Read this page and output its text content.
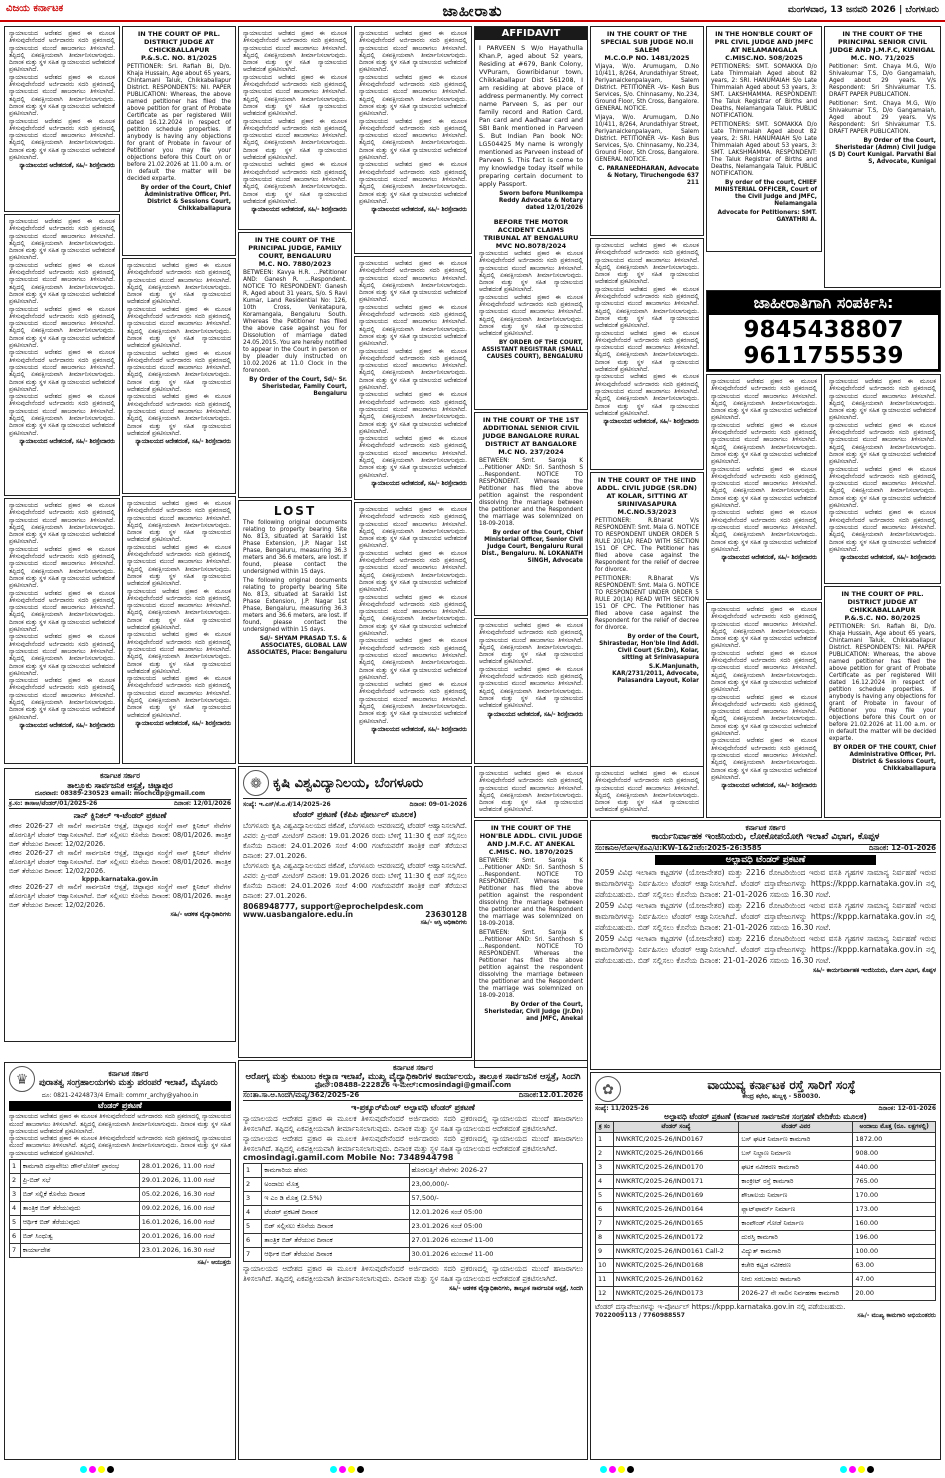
ಜಾಹೀರಾತು
ವಿಜಯ ಕರ್ನಾಟಕ	ಮಂಗಳವಾರ, 13 ಜನವರಿ 2026 | ಬೆಂಗಳೂರು
ನ್ಯಾಯಾಲಯದ ಆದೇಶದ ಪ್ರಕಾರ ಈ ಮೂಲಕ ತಿಳಿಸುವುದೇನೆಂದರೆ ಅರ್ಜಿದಾರರು ಸದರಿ ಪ್ರಕರಣದಲ್ಲಿ ನ್ಯಾಯಾಲಯದ ಮುಂದೆ ಹಾಜರಾಗಲು ತಿಳಿಸಲಾಗಿದೆ. ತಪ್ಪಿದಲ್ಲಿ ಏಕಪಕ್ಷೀಯವಾಗಿ ತೀರ್ಮಾನಿಸಲಾಗುವುದು. ದಿನಾಂಕ ಮತ್ತು ಸ್ಥಳ ಸಹಿತ ನ್ಯಾಯಾಲಯದ ಆದೇಶದಂತೆ ಪ್ರಕಟಿಸಲಾಗಿದೆ.
ನ್ಯಾಯಾಲಯದ ಆದೇಶದ ಪ್ರಕಾರ ಈ ಮೂಲಕ ತಿಳಿಸುವುದೇನೆಂದರೆ ಅರ್ಜಿದಾರರು ಸದರಿ ಪ್ರಕರಣದಲ್ಲಿ ನ್ಯಾಯಾಲಯದ ಮುಂದೆ ಹಾಜರಾಗಲು ತಿಳಿಸಲಾಗಿದೆ. ತಪ್ಪಿದಲ್ಲಿ ಏಕಪಕ್ಷೀಯವಾಗಿ ತೀರ್ಮಾನಿಸಲಾಗುವುದು. ದಿನಾಂಕ ಮತ್ತು ಸ್ಥಳ ಸಹಿತ ನ್ಯಾಯಾಲಯದ ಆದೇಶದಂತೆ ಪ್ರಕಟಿಸಲಾಗಿದೆ.
ನ್ಯಾಯಾಲಯದ ಆದೇಶದ ಪ್ರಕಾರ ಈ ಮೂಲಕ ತಿಳಿಸುವುದೇನೆಂದರೆ ಅರ್ಜಿದಾರರು ಸದರಿ ಪ್ರಕರಣದಲ್ಲಿ ನ್ಯಾಯಾಲಯದ ಮುಂದೆ ಹಾಜರಾಗಲು ತಿಳಿಸಲಾಗಿದೆ. ತಪ್ಪಿದಲ್ಲಿ ಏಕಪಕ್ಷೀಯವಾಗಿ ತೀರ್ಮಾನಿಸಲಾಗುವುದು. ದಿನಾಂಕ ಮತ್ತು ಸ್ಥಳ ಸಹಿತ ನ್ಯಾಯಾಲಯದ ಆದೇಶದಂತೆ ಪ್ರಕಟಿಸಲಾಗಿದೆ.
ನ್ಯಾಯಾಲಯದ ಆದೇಶದಂತೆ, ಸಹಿ/- ಶಿರಸ್ತೇದಾರರು
ನ್ಯಾಯಾಲಯದ ಆದೇಶದ ಪ್ರಕಾರ ಈ ಮೂಲಕ ತಿಳಿಸುವುದೇನೆಂದರೆ ಅರ್ಜಿದಾರರು ಸದರಿ ಪ್ರಕರಣದಲ್ಲಿ ನ್ಯಾಯಾಲಯದ ಮುಂದೆ ಹಾಜರಾಗಲು ತಿಳಿಸಲಾಗಿದೆ. ತಪ್ಪಿದಲ್ಲಿ ಏಕಪಕ್ಷೀಯವಾಗಿ ತೀರ್ಮಾನಿಸಲಾಗುವುದು. ದಿನಾಂಕ ಮತ್ತು ಸ್ಥಳ ಸಹಿತ ನ್ಯಾಯಾಲಯದ ಆದೇಶದಂತೆ ಪ್ರಕಟಿಸಲಾಗಿದೆ.
ನ್ಯಾಯಾಲಯದ ಆದೇಶದ ಪ್ರಕಾರ ಈ ಮೂಲಕ ತಿಳಿಸುವುದೇನೆಂದರೆ ಅರ್ಜಿದಾರರು ಸದರಿ ಪ್ರಕರಣದಲ್ಲಿ ನ್ಯಾಯಾಲಯದ ಮುಂದೆ ಹಾಜರಾಗಲು ತಿಳಿಸಲಾಗಿದೆ. ತಪ್ಪಿದಲ್ಲಿ ಏಕಪಕ್ಷೀಯವಾಗಿ ತೀರ್ಮಾನಿಸಲಾಗುವುದು. ದಿನಾಂಕ ಮತ್ತು ಸ್ಥಳ ಸಹಿತ ನ್ಯಾಯಾಲಯದ ಆದೇಶದಂತೆ ಪ್ರಕಟಿಸಲಾಗಿದೆ.
ನ್ಯಾಯಾಲಯದ ಆದೇಶದ ಪ್ರಕಾರ ಈ ಮೂಲಕ ತಿಳಿಸುವುದೇನೆಂದರೆ ಅರ್ಜಿದಾರರು ಸದರಿ ಪ್ರಕರಣದಲ್ಲಿ ನ್ಯಾಯಾಲಯದ ಮುಂದೆ ಹಾಜರಾಗಲು ತಿಳಿಸಲಾಗಿದೆ. ತಪ್ಪಿದಲ್ಲಿ ಏಕಪಕ್ಷೀಯವಾಗಿ ತೀರ್ಮಾನಿಸಲಾಗುವುದು. ದಿನಾಂಕ ಮತ್ತು ಸ್ಥಳ ಸಹಿತ ನ್ಯಾಯಾಲಯದ ಆದೇಶದಂತೆ ಪ್ರಕಟಿಸಲಾಗಿದೆ.
ನ್ಯಾಯಾಲಯದ ಆದೇಶದ ಪ್ರಕಾರ ಈ ಮೂಲಕ ತಿಳಿಸುವುದೇನೆಂದರೆ ಅರ್ಜಿದಾರರು ಸದರಿ ಪ್ರಕರಣದಲ್ಲಿ ನ್ಯಾಯಾಲಯದ ಮುಂದೆ ಹಾಜರಾಗಲು ತಿಳಿಸಲಾಗಿದೆ. ತಪ್ಪಿದಲ್ಲಿ ಏಕಪಕ್ಷೀಯವಾಗಿ ತೀರ್ಮಾನಿಸಲಾಗುವುದು. ದಿನಾಂಕ ಮತ್ತು ಸ್ಥಳ ಸಹಿತ ನ್ಯಾಯಾಲಯದ ಆದೇಶದಂತೆ ಪ್ರಕಟಿಸಲಾಗಿದೆ.
ನ್ಯಾಯಾಲಯದ ಆದೇಶದ ಪ್ರಕಾರ ಈ ಮೂಲಕ ತಿಳಿಸುವುದೇನೆಂದರೆ ಅರ್ಜಿದಾರರು ಸದರಿ ಪ್ರಕರಣದಲ್ಲಿ ನ್ಯಾಯಾಲಯದ ಮುಂದೆ ಹಾಜರಾಗಲು ತಿಳಿಸಲಾಗಿದೆ. ತಪ್ಪಿದಲ್ಲಿ ಏಕಪಕ್ಷೀಯವಾಗಿ ತೀರ್ಮಾನಿಸಲಾಗುವುದು. ದಿನಾಂಕ ಮತ್ತು ಸ್ಥಳ ಸಹಿತ ನ್ಯಾಯಾಲಯದ ಆದೇಶದಂತೆ ಪ್ರಕಟಿಸಲಾಗಿದೆ.
ನ್ಯಾಯಾಲಯದ ಆದೇಶದಂತೆ, ಸಹಿ/- ಶಿರಸ್ತೇದಾರರು
ನ್ಯಾಯಾಲಯದ ಆದೇಶದ ಪ್ರಕಾರ ಈ ಮೂಲಕ ತಿಳಿಸುವುದೇನೆಂದರೆ ಅರ್ಜಿದಾರರು ಸದರಿ ಪ್ರಕರಣದಲ್ಲಿ ನ್ಯಾಯಾಲಯದ ಮುಂದೆ ಹಾಜರಾಗಲು ತಿಳಿಸಲಾಗಿದೆ. ತಪ್ಪಿದಲ್ಲಿ ಏಕಪಕ್ಷೀಯವಾಗಿ ತೀರ್ಮಾನಿಸಲಾಗುವುದು. ದಿನಾಂಕ ಮತ್ತು ಸ್ಥಳ ಸಹಿತ ನ್ಯಾಯಾಲಯದ ಆದೇಶದಂತೆ ಪ್ರಕಟಿಸಲಾಗಿದೆ.
ನ್ಯಾಯಾಲಯದ ಆದೇಶದ ಪ್ರಕಾರ ಈ ಮೂಲಕ ತಿಳಿಸುವುದೇನೆಂದರೆ ಅರ್ಜಿದಾರರು ಸದರಿ ಪ್ರಕರಣದಲ್ಲಿ ನ್ಯಾಯಾಲಯದ ಮುಂದೆ ಹಾಜರಾಗಲು ತಿಳಿಸಲಾಗಿದೆ. ತಪ್ಪಿದಲ್ಲಿ ಏಕಪಕ್ಷೀಯವಾಗಿ ತೀರ್ಮಾನಿಸಲಾಗುವುದು. ದಿನಾಂಕ ಮತ್ತು ಸ್ಥಳ ಸಹಿತ ನ್ಯಾಯಾಲಯದ ಆದೇಶದಂತೆ ಪ್ರಕಟಿಸಲಾಗಿದೆ.
ನ್ಯಾಯಾಲಯದ ಆದೇಶದ ಪ್ರಕಾರ ಈ ಮೂಲಕ ತಿಳಿಸುವುದೇನೆಂದರೆ ಅರ್ಜಿದಾರರು ಸದರಿ ಪ್ರಕರಣದಲ್ಲಿ ನ್ಯಾಯಾಲಯದ ಮುಂದೆ ಹಾಜರಾಗಲು ತಿಳಿಸಲಾಗಿದೆ. ತಪ್ಪಿದಲ್ಲಿ ಏಕಪಕ್ಷೀಯವಾಗಿ ತೀರ್ಮಾನಿಸಲಾಗುವುದು. ದಿನಾಂಕ ಮತ್ತು ಸ್ಥಳ ಸಹಿತ ನ್ಯಾಯಾಲಯದ ಆದೇಶದಂತೆ ಪ್ರಕಟಿಸಲಾಗಿದೆ.
ನ್ಯಾಯಾಲಯದ ಆದೇಶದ ಪ್ರಕಾರ ಈ ಮೂಲಕ ತಿಳಿಸುವುದೇನೆಂದರೆ ಅರ್ಜಿದಾರರು ಸದರಿ ಪ್ರಕರಣದಲ್ಲಿ ನ್ಯಾಯಾಲಯದ ಮುಂದೆ ಹಾಜರಾಗಲು ತಿಳಿಸಲಾಗಿದೆ. ತಪ್ಪಿದಲ್ಲಿ ಏಕಪಕ್ಷೀಯವಾಗಿ ತೀರ್ಮಾನಿಸಲಾಗುವುದು. ದಿನಾಂಕ ಮತ್ತು ಸ್ಥಳ ಸಹಿತ ನ್ಯಾಯಾಲಯದ ಆದೇಶದಂತೆ ಪ್ರಕಟಿಸಲಾಗಿದೆ.
ನ್ಯಾಯಾಲಯದ ಆದೇಶದ ಪ್ರಕಾರ ಈ ಮೂಲಕ ತಿಳಿಸುವುದೇನೆಂದರೆ ಅರ್ಜಿದಾರರು ಸದರಿ ಪ್ರಕರಣದಲ್ಲಿ ನ್ಯಾಯಾಲಯದ ಮುಂದೆ ಹಾಜರಾಗಲು ತಿಳಿಸಲಾಗಿದೆ. ತಪ್ಪಿದಲ್ಲಿ ಏಕಪಕ್ಷೀಯವಾಗಿ ತೀರ್ಮಾನಿಸಲಾಗುವುದು. ದಿನಾಂಕ ಮತ್ತು ಸ್ಥಳ ಸಹಿತ ನ್ಯಾಯಾಲಯದ ಆದೇಶದಂತೆ ಪ್ರಕಟಿಸಲಾಗಿದೆ.
ನ್ಯಾಯಾಲಯದ ಆದೇಶದಂತೆ, ಸಹಿ/- ಶಿರಸ್ತೇದಾರರು
IN THE COURT OF PRL. DISTRICT JUDGE AT CHICKBALLAPUR
P.&.S.C. NO. 81/2025
PETITIONER: Sri. Rafiah Bi, D/o. Khaja Hussain, Age about 65 years, Chintamani Taluk, Chikkaballapur District. RESPONDENTS: Nil. PAPER PUBLICATION: Whereas, the above named petitioner has filed the above petition for grant of Probate Certificate as per registered Will dated 16.12.2024 in respect of petition schedule properties. If anybody is having any objections for grant of Probate in favour of Petitioner you may file your objections before this Court on or before 21.02.2026 at 11.00 a.m. or in default the matter will be decided exparte.
By order of the Court, Chief Administrative Officer, Prl. District & Sessions Court, Chikkaballapura
ನ್ಯಾಯಾಲಯದ ಆದೇಶದ ಪ್ರಕಾರ ಈ ಮೂಲಕ ತಿಳಿಸುವುದೇನೆಂದರೆ ಅರ್ಜಿದಾರರು ಸದರಿ ಪ್ರಕರಣದಲ್ಲಿ ನ್ಯಾಯಾಲಯದ ಮುಂದೆ ಹಾಜರಾಗಲು ತಿಳಿಸಲಾಗಿದೆ. ತಪ್ಪಿದಲ್ಲಿ ಏಕಪಕ್ಷೀಯವಾಗಿ ತೀರ್ಮಾನಿಸಲಾಗುವುದು. ದಿನಾಂಕ ಮತ್ತು ಸ್ಥಳ ಸಹಿತ ನ್ಯಾಯಾಲಯದ ಆದೇಶದಂತೆ ಪ್ರಕಟಿಸಲಾಗಿದೆ.
ನ್ಯಾಯಾಲಯದ ಆದೇಶದ ಪ್ರಕಾರ ಈ ಮೂಲಕ ತಿಳಿಸುವುದೇನೆಂದರೆ ಅರ್ಜಿದಾರರು ಸದರಿ ಪ್ರಕರಣದಲ್ಲಿ ನ್ಯಾಯಾಲಯದ ಮುಂದೆ ಹಾಜರಾಗಲು ತಿಳಿಸಲಾಗಿದೆ. ತಪ್ಪಿದಲ್ಲಿ ಏಕಪಕ್ಷೀಯವಾಗಿ ತೀರ್ಮಾನಿಸಲಾಗುವುದು. ದಿನಾಂಕ ಮತ್ತು ಸ್ಥಳ ಸಹಿತ ನ್ಯಾಯಾಲಯದ ಆದೇಶದಂತೆ ಪ್ರಕಟಿಸಲಾಗಿದೆ.
ನ್ಯಾಯಾಲಯದ ಆದೇಶದ ಪ್ರಕಾರ ಈ ಮೂಲಕ ತಿಳಿಸುವುದೇನೆಂದರೆ ಅರ್ಜಿದಾರರು ಸದರಿ ಪ್ರಕರಣದಲ್ಲಿ ನ್ಯಾಯಾಲಯದ ಮುಂದೆ ಹಾಜರಾಗಲು ತಿಳಿಸಲಾಗಿದೆ. ತಪ್ಪಿದಲ್ಲಿ ಏಕಪಕ್ಷೀಯವಾಗಿ ತೀರ್ಮಾನಿಸಲಾಗುವುದು. ದಿನಾಂಕ ಮತ್ತು ಸ್ಥಳ ಸಹಿತ ನ್ಯಾಯಾಲಯದ ಆದೇಶದಂತೆ ಪ್ರಕಟಿಸಲಾಗಿದೆ.
ನ್ಯಾಯಾಲಯದ ಆದೇಶದ ಪ್ರಕಾರ ಈ ಮೂಲಕ ತಿಳಿಸುವುದೇನೆಂದರೆ ಅರ್ಜಿದಾರರು ಸದರಿ ಪ್ರಕರಣದಲ್ಲಿ ನ್ಯಾಯಾಲಯದ ಮುಂದೆ ಹಾಜರಾಗಲು ತಿಳಿಸಲಾಗಿದೆ. ತಪ್ಪಿದಲ್ಲಿ ಏಕಪಕ್ಷೀಯವಾಗಿ ತೀರ್ಮಾನಿಸಲಾಗುವುದು. ದಿನಾಂಕ ಮತ್ತು ಸ್ಥಳ ಸಹಿತ ನ್ಯಾಯಾಲಯದ ಆದೇಶದಂತೆ ಪ್ರಕಟಿಸಲಾಗಿದೆ.
ನ್ಯಾಯಾಲಯದ ಆದೇಶದಂತೆ, ಸಹಿ/- ಶಿರಸ್ತೇದಾರರು
ನ್ಯಾಯಾಲಯದ ಆದೇಶದ ಪ್ರಕಾರ ಈ ಮೂಲಕ ತಿಳಿಸುವುದೇನೆಂದರೆ ಅರ್ಜಿದಾರರು ಸದರಿ ಪ್ರಕರಣದಲ್ಲಿ ನ್ಯಾಯಾಲಯದ ಮುಂದೆ ಹಾಜರಾಗಲು ತಿಳಿಸಲಾಗಿದೆ. ತಪ್ಪಿದಲ್ಲಿ ಏಕಪಕ್ಷೀಯವಾಗಿ ತೀರ್ಮಾನಿಸಲಾಗುವುದು. ದಿನಾಂಕ ಮತ್ತು ಸ್ಥಳ ಸಹಿತ ನ್ಯಾಯಾಲಯದ ಆದೇಶದಂತೆ ಪ್ರಕಟಿಸಲಾಗಿದೆ.
ನ್ಯಾಯಾಲಯದ ಆದೇಶದ ಪ್ರಕಾರ ಈ ಮೂಲಕ ತಿಳಿಸುವುದೇನೆಂದರೆ ಅರ್ಜಿದಾರರು ಸದರಿ ಪ್ರಕರಣದಲ್ಲಿ ನ್ಯಾಯಾಲಯದ ಮುಂದೆ ಹಾಜರಾಗಲು ತಿಳಿಸಲಾಗಿದೆ. ತಪ್ಪಿದಲ್ಲಿ ಏಕಪಕ್ಷೀಯವಾಗಿ ತೀರ್ಮಾನಿಸಲಾಗುವುದು. ದಿನಾಂಕ ಮತ್ತು ಸ್ಥಳ ಸಹಿತ ನ್ಯಾಯಾಲಯದ ಆದೇಶದಂತೆ ಪ್ರಕಟಿಸಲಾಗಿದೆ.
ನ್ಯಾಯಾಲಯದ ಆದೇಶದ ಪ್ರಕಾರ ಈ ಮೂಲಕ ತಿಳಿಸುವುದೇನೆಂದರೆ ಅರ್ಜಿದಾರರು ಸದರಿ ಪ್ರಕರಣದಲ್ಲಿ ನ್ಯಾಯಾಲಯದ ಮುಂದೆ ಹಾಜರಾಗಲು ತಿಳಿಸಲಾಗಿದೆ. ತಪ್ಪಿದಲ್ಲಿ ಏಕಪಕ್ಷೀಯವಾಗಿ ತೀರ್ಮಾನಿಸಲಾಗುವುದು. ದಿನಾಂಕ ಮತ್ತು ಸ್ಥಳ ಸಹಿತ ನ್ಯಾಯಾಲಯದ ಆದೇಶದಂತೆ ಪ್ರಕಟಿಸಲಾಗಿದೆ.
ನ್ಯಾಯಾಲಯದ ಆದೇಶದ ಪ್ರಕಾರ ಈ ಮೂಲಕ ತಿಳಿಸುವುದೇನೆಂದರೆ ಅರ್ಜಿದಾರರು ಸದರಿ ಪ್ರಕರಣದಲ್ಲಿ ನ್ಯಾಯಾಲಯದ ಮುಂದೆ ಹಾಜರಾಗಲು ತಿಳಿಸಲಾಗಿದೆ. ತಪ್ಪಿದಲ್ಲಿ ಏಕಪಕ್ಷೀಯವಾಗಿ ತೀರ್ಮಾನಿಸಲಾಗುವುದು. ದಿನಾಂಕ ಮತ್ತು ಸ್ಥಳ ಸಹಿತ ನ್ಯಾಯಾಲಯದ ಆದೇಶದಂತೆ ಪ್ರಕಟಿಸಲಾಗಿದೆ.
ನ್ಯಾಯಾಲಯದ ಆದೇಶದ ಪ್ರಕಾರ ಈ ಮೂಲಕ ತಿಳಿಸುವುದೇನೆಂದರೆ ಅರ್ಜಿದಾರರು ಸದರಿ ಪ್ರಕರಣದಲ್ಲಿ ನ್ಯಾಯಾಲಯದ ಮುಂದೆ ಹಾಜರಾಗಲು ತಿಳಿಸಲಾಗಿದೆ. ತಪ್ಪಿದಲ್ಲಿ ಏಕಪಕ್ಷೀಯವಾಗಿ ತೀರ್ಮಾನಿಸಲಾಗುವುದು. ದಿನಾಂಕ ಮತ್ತು ಸ್ಥಳ ಸಹಿತ ನ್ಯಾಯಾಲಯದ ಆದೇಶದಂತೆ ಪ್ರಕಟಿಸಲಾಗಿದೆ.
ನ್ಯಾಯಾಲಯದ ಆದೇಶದಂತೆ, ಸಹಿ/- ಶಿರಸ್ತೇದಾರರು
ನ್ಯಾಯಾಲಯದ ಆದೇಶದ ಪ್ರಕಾರ ಈ ಮೂಲಕ ತಿಳಿಸುವುದೇನೆಂದರೆ ಅರ್ಜಿದಾರರು ಸದರಿ ಪ್ರಕರಣದಲ್ಲಿ ನ್ಯಾಯಾಲಯದ ಮುಂದೆ ಹಾಜರಾಗಲು ತಿಳಿಸಲಾಗಿದೆ. ತಪ್ಪಿದಲ್ಲಿ ಏಕಪಕ್ಷೀಯವಾಗಿ ತೀರ್ಮಾನಿಸಲಾಗುವುದು. ದಿನಾಂಕ ಮತ್ತು ಸ್ಥಳ ಸಹಿತ ನ್ಯಾಯಾಲಯದ ಆದೇಶದಂತೆ ಪ್ರಕಟಿಸಲಾಗಿದೆ.
ನ್ಯಾಯಾಲಯದ ಆದೇಶದ ಪ್ರಕಾರ ಈ ಮೂಲಕ ತಿಳಿಸುವುದೇನೆಂದರೆ ಅರ್ಜಿದಾರರು ಸದರಿ ಪ್ರಕರಣದಲ್ಲಿ ನ್ಯಾಯಾಲಯದ ಮುಂದೆ ಹಾಜರಾಗಲು ತಿಳಿಸಲಾಗಿದೆ. ತಪ್ಪಿದಲ್ಲಿ ಏಕಪಕ್ಷೀಯವಾಗಿ ತೀರ್ಮಾನಿಸಲಾಗುವುದು. ದಿನಾಂಕ ಮತ್ತು ಸ್ಥಳ ಸಹಿತ ನ್ಯಾಯಾಲಯದ ಆದೇಶದಂತೆ ಪ್ರಕಟಿಸಲಾಗಿದೆ.
ನ್ಯಾಯಾಲಯದ ಆದೇಶದ ಪ್ರಕಾರ ಈ ಮೂಲಕ ತಿಳಿಸುವುದೇನೆಂದರೆ ಅರ್ಜಿದಾರರು ಸದರಿ ಪ್ರಕರಣದಲ್ಲಿ ನ್ಯಾಯಾಲಯದ ಮುಂದೆ ಹಾಜರಾಗಲು ತಿಳಿಸಲಾಗಿದೆ. ತಪ್ಪಿದಲ್ಲಿ ಏಕಪಕ್ಷೀಯವಾಗಿ ತೀರ್ಮಾನಿಸಲಾಗುವುದು. ದಿನಾಂಕ ಮತ್ತು ಸ್ಥಳ ಸಹಿತ ನ್ಯಾಯಾಲಯದ ಆದೇಶದಂತೆ ಪ್ರಕಟಿಸಲಾಗಿದೆ.
ನ್ಯಾಯಾಲಯದ ಆದೇಶದ ಪ್ರಕಾರ ಈ ಮೂಲಕ ತಿಳಿಸುವುದೇನೆಂದರೆ ಅರ್ಜಿದಾರರು ಸದರಿ ಪ್ರಕರಣದಲ್ಲಿ ನ್ಯಾಯಾಲಯದ ಮುಂದೆ ಹಾಜರಾಗಲು ತಿಳಿಸಲಾಗಿದೆ. ತಪ್ಪಿದಲ್ಲಿ ಏಕಪಕ್ಷೀಯವಾಗಿ ತೀರ್ಮಾನಿಸಲಾಗುವುದು. ದಿನಾಂಕ ಮತ್ತು ಸ್ಥಳ ಸಹಿತ ನ್ಯಾಯಾಲಯದ ಆದೇಶದಂತೆ ಪ್ರಕಟಿಸಲಾಗಿದೆ.
ನ್ಯಾಯಾಲಯದ ಆದೇಶದಂತೆ, ಸಹಿ/- ಶಿರಸ್ತೇದಾರರು
IN THE COURT OF THE PRINCIPAL JUDGE, FAMILY COURT, BENGALURU
M.C. NO. 7880/2023
BETWEEN: Kavya H.R. ...Petitioner AND: Ganesh R. ...Respondent. NOTICE TO RESPONDENT: Ganesh R, Aged about 31 years, S/o. S Ravi Kumar, Land Residential No: 126, 10th Cross, Venkatapura, Koramangala, Bengaluru South. Whereas the Petitioner has filed the above case against you for Dissolution of marriage dated 24.05.2015. You are hereby notified to appear in the Court in person or by pleader duly instructed on 10.02.2026 at 11.0 Clock in the forenoon.
By Order of the Court, Sd/- Sr. Sheristedar, Family Court, Bengaluru
LOST
The following original documents relating to property bearing Site No. 813, situated at Sarakki 1st Phase Extension, J.P. Nagar 1st Phase, Bengaluru, measuring 36.3 meters and 36.6 meters, are lost. If found, please contact the undersigned within 15 days.
The following original documents relating to property bearing Site No. 813, situated at Sarakki 1st Phase Extension, J.P. Nagar 1st Phase, Bengaluru, measuring 36.3 meters and 36.6 meters, are lost. If found, please contact the undersigned within 15 days.
Sd/- SHYAM PRASAD T.S. & ASSOCIATES, GLOBAL LAW ASSOCIATES, Place: Bengaluru
ನ್ಯಾಯಾಲಯದ ಆದೇಶದ ಪ್ರಕಾರ ಈ ಮೂಲಕ ತಿಳಿಸುವುದೇನೆಂದರೆ ಅರ್ಜಿದಾರರು ಸದರಿ ಪ್ರಕರಣದಲ್ಲಿ ನ್ಯಾಯಾಲಯದ ಮುಂದೆ ಹಾಜರಾಗಲು ತಿಳಿಸಲಾಗಿದೆ. ತಪ್ಪಿದಲ್ಲಿ ಏಕಪಕ್ಷೀಯವಾಗಿ ತೀರ್ಮಾನಿಸಲಾಗುವುದು. ದಿನಾಂಕ ಮತ್ತು ಸ್ಥಳ ಸಹಿತ ನ್ಯಾಯಾಲಯದ ಆದೇಶದಂತೆ ಪ್ರಕಟಿಸಲಾಗಿದೆ.
ನ್ಯಾಯಾಲಯದ ಆದೇಶದ ಪ್ರಕಾರ ಈ ಮೂಲಕ ತಿಳಿಸುವುದೇನೆಂದರೆ ಅರ್ಜಿದಾರರು ಸದರಿ ಪ್ರಕರಣದಲ್ಲಿ ನ್ಯಾಯಾಲಯದ ಮುಂದೆ ಹಾಜರಾಗಲು ತಿಳಿಸಲಾಗಿದೆ. ತಪ್ಪಿದಲ್ಲಿ ಏಕಪಕ್ಷೀಯವಾಗಿ ತೀರ್ಮಾನಿಸಲಾಗುವುದು. ದಿನಾಂಕ ಮತ್ತು ಸ್ಥಳ ಸಹಿತ ನ್ಯಾಯಾಲಯದ ಆದೇಶದಂತೆ ಪ್ರಕಟಿಸಲಾಗಿದೆ.
ನ್ಯಾಯಾಲಯದ ಆದೇಶದ ಪ್ರಕಾರ ಈ ಮೂಲಕ ತಿಳಿಸುವುದೇನೆಂದರೆ ಅರ್ಜಿದಾರರು ಸದರಿ ಪ್ರಕರಣದಲ್ಲಿ ನ್ಯಾಯಾಲಯದ ಮುಂದೆ ಹಾಜರಾಗಲು ತಿಳಿಸಲಾಗಿದೆ. ತಪ್ಪಿದಲ್ಲಿ ಏಕಪಕ್ಷೀಯವಾಗಿ ತೀರ್ಮಾನಿಸಲಾಗುವುದು. ದಿನಾಂಕ ಮತ್ತು ಸ್ಥಳ ಸಹಿತ ನ್ಯಾಯಾಲಯದ ಆದೇಶದಂತೆ ಪ್ರಕಟಿಸಲಾಗಿದೆ.
ನ್ಯಾಯಾಲಯದ ಆದೇಶದ ಪ್ರಕಾರ ಈ ಮೂಲಕ ತಿಳಿಸುವುದೇನೆಂದರೆ ಅರ್ಜಿದಾರರು ಸದರಿ ಪ್ರಕರಣದಲ್ಲಿ ನ್ಯಾಯಾಲಯದ ಮುಂದೆ ಹಾಜರಾಗಲು ತಿಳಿಸಲಾಗಿದೆ. ತಪ್ಪಿದಲ್ಲಿ ಏಕಪಕ್ಷೀಯವಾಗಿ ತೀರ್ಮಾನಿಸಲಾಗುವುದು. ದಿನಾಂಕ ಮತ್ತು ಸ್ಥಳ ಸಹಿತ ನ್ಯಾಯಾಲಯದ ಆದೇಶದಂತೆ ಪ್ರಕಟಿಸಲಾಗಿದೆ.
ನ್ಯಾಯಾಲಯದ ಆದೇಶದಂತೆ, ಸಹಿ/- ಶಿರಸ್ತೇದಾರರು
ನ್ಯಾಯಾಲಯದ ಆದೇಶದ ಪ್ರಕಾರ ಈ ಮೂಲಕ ತಿಳಿಸುವುದೇನೆಂದರೆ ಅರ್ಜಿದಾರರು ಸದರಿ ಪ್ರಕರಣದಲ್ಲಿ ನ್ಯಾಯಾಲಯದ ಮುಂದೆ ಹಾಜರಾಗಲು ತಿಳಿಸಲಾಗಿದೆ. ತಪ್ಪಿದಲ್ಲಿ ಏಕಪಕ್ಷೀಯವಾಗಿ ತೀರ್ಮಾನಿಸಲಾಗುವುದು. ದಿನಾಂಕ ಮತ್ತು ಸ್ಥಳ ಸಹಿತ ನ್ಯಾಯಾಲಯದ ಆದೇಶದಂತೆ ಪ್ರಕಟಿಸಲಾಗಿದೆ.
ನ್ಯಾಯಾಲಯದ ಆದೇಶದ ಪ್ರಕಾರ ಈ ಮೂಲಕ ತಿಳಿಸುವುದೇನೆಂದರೆ ಅರ್ಜಿದಾರರು ಸದರಿ ಪ್ರಕರಣದಲ್ಲಿ ನ್ಯಾಯಾಲಯದ ಮುಂದೆ ಹಾಜರಾಗಲು ತಿಳಿಸಲಾಗಿದೆ. ತಪ್ಪಿದಲ್ಲಿ ಏಕಪಕ್ಷೀಯವಾಗಿ ತೀರ್ಮಾನಿಸಲಾಗುವುದು. ದಿನಾಂಕ ಮತ್ತು ಸ್ಥಳ ಸಹಿತ ನ್ಯಾಯಾಲಯದ ಆದೇಶದಂತೆ ಪ್ರಕಟಿಸಲಾಗಿದೆ.
ನ್ಯಾಯಾಲಯದ ಆದೇಶದ ಪ್ರಕಾರ ಈ ಮೂಲಕ ತಿಳಿಸುವುದೇನೆಂದರೆ ಅರ್ಜಿದಾರರು ಸದರಿ ಪ್ರಕರಣದಲ್ಲಿ ನ್ಯಾಯಾಲಯದ ಮುಂದೆ ಹಾಜರಾಗಲು ತಿಳಿಸಲಾಗಿದೆ. ತಪ್ಪಿದಲ್ಲಿ ಏಕಪಕ್ಷೀಯವಾಗಿ ತೀರ್ಮಾನಿಸಲಾಗುವುದು. ದಿನಾಂಕ ಮತ್ತು ಸ್ಥಳ ಸಹಿತ ನ್ಯಾಯಾಲಯದ ಆದೇಶದಂತೆ ಪ್ರಕಟಿಸಲಾಗಿದೆ.
ನ್ಯಾಯಾಲಯದ ಆದೇಶದ ಪ್ರಕಾರ ಈ ಮೂಲಕ ತಿಳಿಸುವುದೇನೆಂದರೆ ಅರ್ಜಿದಾರರು ಸದರಿ ಪ್ರಕರಣದಲ್ಲಿ ನ್ಯಾಯಾಲಯದ ಮುಂದೆ ಹಾಜರಾಗಲು ತಿಳಿಸಲಾಗಿದೆ. ತಪ್ಪಿದಲ್ಲಿ ಏಕಪಕ್ಷೀಯವಾಗಿ ತೀರ್ಮಾನಿಸಲಾಗುವುದು. ದಿನಾಂಕ ಮತ್ತು ಸ್ಥಳ ಸಹಿತ ನ್ಯಾಯಾಲಯದ ಆದೇಶದಂತೆ ಪ್ರಕಟಿಸಲಾಗಿದೆ.
ನ್ಯಾಯಾಲಯದ ಆದೇಶದ ಪ್ರಕಾರ ಈ ಮೂಲಕ ತಿಳಿಸುವುದೇನೆಂದರೆ ಅರ್ಜಿದಾರರು ಸದರಿ ಪ್ರಕರಣದಲ್ಲಿ ನ್ಯಾಯಾಲಯದ ಮುಂದೆ ಹಾಜರಾಗಲು ತಿಳಿಸಲಾಗಿದೆ. ತಪ್ಪಿದಲ್ಲಿ ಏಕಪಕ್ಷೀಯವಾಗಿ ತೀರ್ಮಾನಿಸಲಾಗುವುದು. ದಿನಾಂಕ ಮತ್ತು ಸ್ಥಳ ಸಹಿತ ನ್ಯಾಯಾಲಯದ ಆದೇಶದಂತೆ ಪ್ರಕಟಿಸಲಾಗಿದೆ.
ನ್ಯಾಯಾಲಯದ ಆದೇಶದಂತೆ, ಸಹಿ/- ಶಿರಸ್ತೇದಾರರು
ನ್ಯಾಯಾಲಯದ ಆದೇಶದ ಪ್ರಕಾರ ಈ ಮೂಲಕ ತಿಳಿಸುವುದೇನೆಂದರೆ ಅರ್ಜಿದಾರರು ಸದರಿ ಪ್ರಕರಣದಲ್ಲಿ ನ್ಯಾಯಾಲಯದ ಮುಂದೆ ಹಾಜರಾಗಲು ತಿಳಿಸಲಾಗಿದೆ. ತಪ್ಪಿದಲ್ಲಿ ಏಕಪಕ್ಷೀಯವಾಗಿ ತೀರ್ಮಾನಿಸಲಾಗುವುದು. ದಿನಾಂಕ ಮತ್ತು ಸ್ಥಳ ಸಹಿತ ನ್ಯಾಯಾಲಯದ ಆದೇಶದಂತೆ ಪ್ರಕಟಿಸಲಾಗಿದೆ.
ನ್ಯಾಯಾಲಯದ ಆದೇಶದ ಪ್ರಕಾರ ಈ ಮೂಲಕ ತಿಳಿಸುವುದೇನೆಂದರೆ ಅರ್ಜಿದಾರರು ಸದರಿ ಪ್ರಕರಣದಲ್ಲಿ ನ್ಯಾಯಾಲಯದ ಮುಂದೆ ಹಾಜರಾಗಲು ತಿಳಿಸಲಾಗಿದೆ. ತಪ್ಪಿದಲ್ಲಿ ಏಕಪಕ್ಷೀಯವಾಗಿ ತೀರ್ಮಾನಿಸಲಾಗುವುದು. ದಿನಾಂಕ ಮತ್ತು ಸ್ಥಳ ಸಹಿತ ನ್ಯಾಯಾಲಯದ ಆದೇಶದಂತೆ ಪ್ರಕಟಿಸಲಾಗಿದೆ.
ನ್ಯಾಯಾಲಯದ ಆದೇಶದ ಪ್ರಕಾರ ಈ ಮೂಲಕ ತಿಳಿಸುವುದೇನೆಂದರೆ ಅರ್ಜಿದಾರರು ಸದರಿ ಪ್ರಕರಣದಲ್ಲಿ ನ್ಯಾಯಾಲಯದ ಮುಂದೆ ಹಾಜರಾಗಲು ತಿಳಿಸಲಾಗಿದೆ. ತಪ್ಪಿದಲ್ಲಿ ಏಕಪಕ್ಷೀಯವಾಗಿ ತೀರ್ಮಾನಿಸಲಾಗುವುದು. ದಿನಾಂಕ ಮತ್ತು ಸ್ಥಳ ಸಹಿತ ನ್ಯಾಯಾಲಯದ ಆದೇಶದಂತೆ ಪ್ರಕಟಿಸಲಾಗಿದೆ.
ನ್ಯಾಯಾಲಯದ ಆದೇಶದ ಪ್ರಕಾರ ಈ ಮೂಲಕ ತಿಳಿಸುವುದೇನೆಂದರೆ ಅರ್ಜಿದಾರರು ಸದರಿ ಪ್ರಕರಣದಲ್ಲಿ ನ್ಯಾಯಾಲಯದ ಮುಂದೆ ಹಾಜರಾಗಲು ತಿಳಿಸಲಾಗಿದೆ. ತಪ್ಪಿದಲ್ಲಿ ಏಕಪಕ್ಷೀಯವಾಗಿ ತೀರ್ಮಾನಿಸಲಾಗುವುದು. ದಿನಾಂಕ ಮತ್ತು ಸ್ಥಳ ಸಹಿತ ನ್ಯಾಯಾಲಯದ ಆದೇಶದಂತೆ ಪ್ರಕಟಿಸಲಾಗಿದೆ.
ನ್ಯಾಯಾಲಯದ ಆದೇಶದ ಪ್ರಕಾರ ಈ ಮೂಲಕ ತಿಳಿಸುವುದೇನೆಂದರೆ ಅರ್ಜಿದಾರರು ಸದರಿ ಪ್ರಕರಣದಲ್ಲಿ ನ್ಯಾಯಾಲಯದ ಮುಂದೆ ಹಾಜರಾಗಲು ತಿಳಿಸಲಾಗಿದೆ. ತಪ್ಪಿದಲ್ಲಿ ಏಕಪಕ್ಷೀಯವಾಗಿ ತೀರ್ಮಾನಿಸಲಾಗುವುದು. ದಿನಾಂಕ ಮತ್ತು ಸ್ಥಳ ಸಹಿತ ನ್ಯಾಯಾಲಯದ ಆದೇಶದಂತೆ ಪ್ರಕಟಿಸಲಾಗಿದೆ.
ನ್ಯಾಯಾಲಯದ ಆದೇಶದಂತೆ, ಸಹಿ/- ಶಿರಸ್ತೇದಾರರು
AFFIDAVIT
I PARVEEN S W/o Hayathulla Khan.P, aged about 52 years, Residing at #679, Bank Colony, VVPuram, Gowribidanur town, Chikkaballapur Dist 561208, I am residing at above place of address permanently. My correct name Parveen S, as per our family record and Ration Card, Pan card and Aadhaar card and SBI Bank mentioned in Parveen S. But Indian Pan book NO: LG504425 My name is wrongly mentioned as Parveen instead of Parveen S. This fact is come to my knowledge today itself while preparing certain document to apply Passport.
Sworn before Munikempa Reddy Advocate & Notary dated 12/01/2026
BEFORE THE MOTOR ACCIDENT CLAIMS TRIBUNAL AT BENGALURU
MVC NO.8078/2024
ನ್ಯಾಯಾಲಯದ ಆದೇಶದ ಪ್ರಕಾರ ಈ ಮೂಲಕ ತಿಳಿಸುವುದೇನೆಂದರೆ ಅರ್ಜಿದಾರರು ಸದರಿ ಪ್ರಕರಣದಲ್ಲಿ ನ್ಯಾಯಾಲಯದ ಮುಂದೆ ಹಾಜರಾಗಲು ತಿಳಿಸಲಾಗಿದೆ. ತಪ್ಪಿದಲ್ಲಿ ಏಕಪಕ್ಷೀಯವಾಗಿ ತೀರ್ಮಾನಿಸಲಾಗುವುದು. ದಿನಾಂಕ ಮತ್ತು ಸ್ಥಳ ಸಹಿತ ನ್ಯಾಯಾಲಯದ ಆದೇಶದಂತೆ ಪ್ರಕಟಿಸಲಾಗಿದೆ.
ನ್ಯಾಯಾಲಯದ ಆದೇಶದ ಪ್ರಕಾರ ಈ ಮೂಲಕ ತಿಳಿಸುವುದೇನೆಂದರೆ ಅರ್ಜಿದಾರರು ಸದರಿ ಪ್ರಕರಣದಲ್ಲಿ ನ್ಯಾಯಾಲಯದ ಮುಂದೆ ಹಾಜರಾಗಲು ತಿಳಿಸಲಾಗಿದೆ. ತಪ್ಪಿದಲ್ಲಿ ಏಕಪಕ್ಷೀಯವಾಗಿ ತೀರ್ಮಾನಿಸಲಾಗುವುದು. ದಿನಾಂಕ ಮತ್ತು ಸ್ಥಳ ಸಹಿತ ನ್ಯಾಯಾಲಯದ ಆದೇಶದಂತೆ ಪ್ರಕಟಿಸಲಾಗಿದೆ.
BY ORDER OF THE COURT, ASSISTANT REGISTRAR (SMALL CAUSES COURT), BENGALURU
IN THE COURT OF THE 1ST ADDITIONAL SENIOR CIVIL JUDGE BANGALORE RURAL DISTRICT AT BANGALORE
M.C NO. 237/2024
BETWEEN: Smt. Saroja K ...Petitioner AND: Sri. Santhosh S ...Respondent. NOTICE TO RESPONDENT. Whereas the Petitioner has filed the above petition against the respondent dissolving the marriage between the petitioner and the Respondent the marriage was solemnized on 18-09-2018.
By order of the Court, Chief Ministerial Officer, Senior Civil Judge Court, Bengaluru Rural Dist., Bengaluru. N. LOKANATH SINGH, Advocate
ನ್ಯಾಯಾಲಯದ ಆದೇಶದ ಪ್ರಕಾರ ಈ ಮೂಲಕ ತಿಳಿಸುವುದೇನೆಂದರೆ ಅರ್ಜಿದಾರರು ಸದರಿ ಪ್ರಕರಣದಲ್ಲಿ ನ್ಯಾಯಾಲಯದ ಮುಂದೆ ಹಾಜರಾಗಲು ತಿಳಿಸಲಾಗಿದೆ. ತಪ್ಪಿದಲ್ಲಿ ಏಕಪಕ್ಷೀಯವಾಗಿ ತೀರ್ಮಾನಿಸಲಾಗುವುದು. ದಿನಾಂಕ ಮತ್ತು ಸ್ಥಳ ಸಹಿತ ನ್ಯಾಯಾಲಯದ ಆದೇಶದಂತೆ ಪ್ರಕಟಿಸಲಾಗಿದೆ.
ನ್ಯಾಯಾಲಯದ ಆದೇಶದ ಪ್ರಕಾರ ಈ ಮೂಲಕ ತಿಳಿಸುವುದೇನೆಂದರೆ ಅರ್ಜಿದಾರರು ಸದರಿ ಪ್ರಕರಣದಲ್ಲಿ ನ್ಯಾಯಾಲಯದ ಮುಂದೆ ಹಾಜರಾಗಲು ತಿಳಿಸಲಾಗಿದೆ. ತಪ್ಪಿದಲ್ಲಿ ಏಕಪಕ್ಷೀಯವಾಗಿ ತೀರ್ಮಾನಿಸಲಾಗುವುದು. ದಿನಾಂಕ ಮತ್ತು ಸ್ಥಳ ಸಹಿತ ನ್ಯಾಯಾಲಯದ ಆದೇಶದಂತೆ ಪ್ರಕಟಿಸಲಾಗಿದೆ.
ನ್ಯಾಯಾಲಯದ ಆದೇಶದಂತೆ, ಸಹಿ/- ಶಿರಸ್ತೇದಾರರು
IN THE COURT OF THE SPECIAL SUB JUDGE NO.II SALEM
M.C.O.P NO. 1481/2025
Vijaya, W/o. Arumugam, D.No 10/411, 8/264, Arundathiyar Street, Periyanaickenpalayam, Salem District. PETITIONER -Vs- Kesh Bus Services, S/o. Chinnasamy, No.234, Ground Floor, 5th Cross, Bangalore. GENERAL NOTICE.
Vijaya, W/o. Arumugam, D.No 10/411, 8/264, Arundathiyar Street, Periyanaickenpalayam, Salem District. PETITIONER -Vs- Kesh Bus Services, S/o. Chinnasamy, No.234, Ground Floor, 5th Cross, Bangalore. GENERAL NOTICE.
C. PARANEEDHARAN, Advocate & Notary, Tiruchengode 637 211
ನ್ಯಾಯಾಲಯದ ಆದೇಶದ ಪ್ರಕಾರ ಈ ಮೂಲಕ ತಿಳಿಸುವುದೇನೆಂದರೆ ಅರ್ಜಿದಾರರು ಸದರಿ ಪ್ರಕರಣದಲ್ಲಿ ನ್ಯಾಯಾಲಯದ ಮುಂದೆ ಹಾಜರಾಗಲು ತಿಳಿಸಲಾಗಿದೆ. ತಪ್ಪಿದಲ್ಲಿ ಏಕಪಕ್ಷೀಯವಾಗಿ ತೀರ್ಮಾನಿಸಲಾಗುವುದು. ದಿನಾಂಕ ಮತ್ತು ಸ್ಥಳ ಸಹಿತ ನ್ಯಾಯಾಲಯದ ಆದೇಶದಂತೆ ಪ್ರಕಟಿಸಲಾಗಿದೆ.
ನ್ಯಾಯಾಲಯದ ಆದೇಶದ ಪ್ರಕಾರ ಈ ಮೂಲಕ ತಿಳಿಸುವುದೇನೆಂದರೆ ಅರ್ಜಿದಾರರು ಸದರಿ ಪ್ರಕರಣದಲ್ಲಿ ನ್ಯಾಯಾಲಯದ ಮುಂದೆ ಹಾಜರಾಗಲು ತಿಳಿಸಲಾಗಿದೆ. ತಪ್ಪಿದಲ್ಲಿ ಏಕಪಕ್ಷೀಯವಾಗಿ ತೀರ್ಮಾನಿಸಲಾಗುವುದು. ದಿನಾಂಕ ಮತ್ತು ಸ್ಥಳ ಸಹಿತ ನ್ಯಾಯಾಲಯದ ಆದೇಶದಂತೆ ಪ್ರಕಟಿಸಲಾಗಿದೆ.
ನ್ಯಾಯಾಲಯದ ಆದೇಶದ ಪ್ರಕಾರ ಈ ಮೂಲಕ ತಿಳಿಸುವುದೇನೆಂದರೆ ಅರ್ಜಿದಾರರು ಸದರಿ ಪ್ರಕರಣದಲ್ಲಿ ನ್ಯಾಯಾಲಯದ ಮುಂದೆ ಹಾಜರಾಗಲು ತಿಳಿಸಲಾಗಿದೆ. ತಪ್ಪಿದಲ್ಲಿ ಏಕಪಕ್ಷೀಯವಾಗಿ ತೀರ್ಮಾನಿಸಲಾಗುವುದು. ದಿನಾಂಕ ಮತ್ತು ಸ್ಥಳ ಸಹಿತ ನ್ಯಾಯಾಲಯದ ಆದೇಶದಂತೆ ಪ್ರಕಟಿಸಲಾಗಿದೆ.
ನ್ಯಾಯಾಲಯದ ಆದೇಶದ ಪ್ರಕಾರ ಈ ಮೂಲಕ ತಿಳಿಸುವುದೇನೆಂದರೆ ಅರ್ಜಿದಾರರು ಸದರಿ ಪ್ರಕರಣದಲ್ಲಿ ನ್ಯಾಯಾಲಯದ ಮುಂದೆ ಹಾಜರಾಗಲು ತಿಳಿಸಲಾಗಿದೆ. ತಪ್ಪಿದಲ್ಲಿ ಏಕಪಕ್ಷೀಯವಾಗಿ ತೀರ್ಮಾನಿಸಲಾಗುವುದು. ದಿನಾಂಕ ಮತ್ತು ಸ್ಥಳ ಸಹಿತ ನ್ಯಾಯಾಲಯದ ಆದೇಶದಂತೆ ಪ್ರಕಟಿಸಲಾಗಿದೆ.
ನ್ಯಾಯಾಲಯದ ಆದೇಶದಂತೆ, ಸಹಿ/- ಶಿರಸ್ತೇದಾರರು
IN THE COURT OF THE IIND ADDL. CIVIL JUDGE (SR.DN) AT KOLAR, SITTING AT SRINIVASAPURA
M.C.NO.53/2023
PETITIONER: R.Bharat V/s RESPONDENT: Smt. Mala G. NOTICE TO RESPONDENT UNDER ORDER 5 RULE 20(1A) READ WITH SECTION 151 OF CPC. The Petitioner has filed above case against the Respondent for the relief of decree for divorce.
PETITIONER: R.Bharat V/s RESPONDENT: Smt. Mala G. NOTICE TO RESPONDENT UNDER ORDER 5 RULE 20(1A) READ WITH SECTION 151 OF CPC. The Petitioner has filed above case against the Respondent for the relief of decree for divorce.
By order of the Court, Shirastedar, Hon'ble IInd Addl. Civil Court (Sr.Dn), Kolar, sitting at Srinivasapura
S.K.Manjunath, KAR/2731/2011, Advocate, Palasandra Layout, Kolar
IN THE HON'BLE COURT OF PRL CIVIL JUDGE AND JMFC AT NELAMANGALA
C.MISC.NO. 508/2025
PETITIONERS: SMT. SOMAKKA D/o Late Thimmaiah Aged about 82 years, 2: SRI. HANUMAIAH S/o Late Thimmaiah Aged about 53 years, 3: SMT. LAKSHMAMMA. RESPONDENT: The Taluk Registrar of Births and Deaths, Nelamangala Taluk. PUBLIC NOTIFICATION.
PETITIONERS: SMT. SOMAKKA D/o Late Thimmaiah Aged about 82 years, 2: SRI. HANUMAIAH S/o Late Thimmaiah Aged about 53 years, 3: SMT. LAKSHMAMMA. RESPONDENT: The Taluk Registrar of Births and Deaths, Nelamangala Taluk. PUBLIC NOTIFICATION.
By order of the court, CHIEF MINISTERIAL OFFICER, Court of the Civil Judge and JMFC, Nelamangala
Advocate for Petitioners: SMT. GAYATHRI A.
IN THE COURT OF THE PRINCIPAL SENIOR CIVIL JUDGE AND J.M.F.C, KUNIGAL
M.C. NO. 71/2025
Petitioner: Smt. Chaya M.G, W/o Shivakumar T.S, D/o Gangamaiah, Aged about 29 years. V/s Respondent: Sri Shivakumar T.S. DRAFT PAPER PUBLICATION.
Petitioner: Smt. Chaya M.G, W/o Shivakumar T.S, D/o Gangamaiah, Aged about 29 years. V/s Respondent: Sri Shivakumar T.S. DRAFT PAPER PUBLICATION.
By Order of the Court, Sheristedar (Admn) Civil Judge (S D) Court Kunigal. Parvathi Bai S, Advocate, Kunigal
ಜಾಹೀರಾತಿಗಾಗಿ ಸಂಪರ್ಕಿಸಿ:
9845438807
9611755539
ನ್ಯಾಯಾಲಯದ ಆದೇಶದ ಪ್ರಕಾರ ಈ ಮೂಲಕ ತಿಳಿಸುವುದೇನೆಂದರೆ ಅರ್ಜಿದಾರರು ಸದರಿ ಪ್ರಕರಣದಲ್ಲಿ ನ್ಯಾಯಾಲಯದ ಮುಂದೆ ಹಾಜರಾಗಲು ತಿಳಿಸಲಾಗಿದೆ. ತಪ್ಪಿದಲ್ಲಿ ಏಕಪಕ್ಷೀಯವಾಗಿ ತೀರ್ಮಾನಿಸಲಾಗುವುದು. ದಿನಾಂಕ ಮತ್ತು ಸ್ಥಳ ಸಹಿತ ನ್ಯಾಯಾಲಯದ ಆದೇಶದಂತೆ ಪ್ರಕಟಿಸಲಾಗಿದೆ.
ನ್ಯಾಯಾಲಯದ ಆದೇಶದ ಪ್ರಕಾರ ಈ ಮೂಲಕ ತಿಳಿಸುವುದೇನೆಂದರೆ ಅರ್ಜಿದಾರರು ಸದರಿ ಪ್ರಕರಣದಲ್ಲಿ ನ್ಯಾಯಾಲಯದ ಮುಂದೆ ಹಾಜರಾಗಲು ತಿಳಿಸಲಾಗಿದೆ. ತಪ್ಪಿದಲ್ಲಿ ಏಕಪಕ್ಷೀಯವಾಗಿ ತೀರ್ಮಾನಿಸಲಾಗುವುದು. ದಿನಾಂಕ ಮತ್ತು ಸ್ಥಳ ಸಹಿತ ನ್ಯಾಯಾಲಯದ ಆದೇಶದಂತೆ ಪ್ರಕಟಿಸಲಾಗಿದೆ.
ನ್ಯಾಯಾಲಯದ ಆದೇಶದ ಪ್ರಕಾರ ಈ ಮೂಲಕ ತಿಳಿಸುವುದೇನೆಂದರೆ ಅರ್ಜಿದಾರರು ಸದರಿ ಪ್ರಕರಣದಲ್ಲಿ ನ್ಯಾಯಾಲಯದ ಮುಂದೆ ಹಾಜರಾಗಲು ತಿಳಿಸಲಾಗಿದೆ. ತಪ್ಪಿದಲ್ಲಿ ಏಕಪಕ್ಷೀಯವಾಗಿ ತೀರ್ಮಾನಿಸಲಾಗುವುದು. ದಿನಾಂಕ ಮತ್ತು ಸ್ಥಳ ಸಹಿತ ನ್ಯಾಯಾಲಯದ ಆದೇಶದಂತೆ ಪ್ರಕಟಿಸಲಾಗಿದೆ.
ನ್ಯಾಯಾಲಯದ ಆದೇಶದ ಪ್ರಕಾರ ಈ ಮೂಲಕ ತಿಳಿಸುವುದೇನೆಂದರೆ ಅರ್ಜಿದಾರರು ಸದರಿ ಪ್ರಕರಣದಲ್ಲಿ ನ್ಯಾಯಾಲಯದ ಮುಂದೆ ಹಾಜರಾಗಲು ತಿಳಿಸಲಾಗಿದೆ. ತಪ್ಪಿದಲ್ಲಿ ಏಕಪಕ್ಷೀಯವಾಗಿ ತೀರ್ಮಾನಿಸಲಾಗುವುದು. ದಿನಾಂಕ ಮತ್ತು ಸ್ಥಳ ಸಹಿತ ನ್ಯಾಯಾಲಯದ ಆದೇಶದಂತೆ ಪ್ರಕಟಿಸಲಾಗಿದೆ.
ನ್ಯಾಯಾಲಯದ ಆದೇಶದಂತೆ, ಸಹಿ/- ಶಿರಸ್ತೇದಾರರು
ನ್ಯಾಯಾಲಯದ ಆದೇಶದ ಪ್ರಕಾರ ಈ ಮೂಲಕ ತಿಳಿಸುವುದೇನೆಂದರೆ ಅರ್ಜಿದಾರರು ಸದರಿ ಪ್ರಕರಣದಲ್ಲಿ ನ್ಯಾಯಾಲಯದ ಮುಂದೆ ಹಾಜರಾಗಲು ತಿಳಿಸಲಾಗಿದೆ. ತಪ್ಪಿದಲ್ಲಿ ಏಕಪಕ್ಷೀಯವಾಗಿ ತೀರ್ಮಾನಿಸಲಾಗುವುದು. ದಿನಾಂಕ ಮತ್ತು ಸ್ಥಳ ಸಹಿತ ನ್ಯಾಯಾಲಯದ ಆದೇಶದಂತೆ ಪ್ರಕಟಿಸಲಾಗಿದೆ.
ನ್ಯಾಯಾಲಯದ ಆದೇಶದ ಪ್ರಕಾರ ಈ ಮೂಲಕ ತಿಳಿಸುವುದೇನೆಂದರೆ ಅರ್ಜಿದಾರರು ಸದರಿ ಪ್ರಕರಣದಲ್ಲಿ ನ್ಯಾಯಾಲಯದ ಮುಂದೆ ಹಾಜರಾಗಲು ತಿಳಿಸಲಾಗಿದೆ. ತಪ್ಪಿದಲ್ಲಿ ಏಕಪಕ್ಷೀಯವಾಗಿ ತೀರ್ಮಾನಿಸಲಾಗುವುದು. ದಿನಾಂಕ ಮತ್ತು ಸ್ಥಳ ಸಹಿತ ನ್ಯಾಯಾಲಯದ ಆದೇಶದಂತೆ ಪ್ರಕಟಿಸಲಾಗಿದೆ.
ನ್ಯಾಯಾಲಯದ ಆದೇಶದ ಪ್ರಕಾರ ಈ ಮೂಲಕ ತಿಳಿಸುವುದೇನೆಂದರೆ ಅರ್ಜಿದಾರರು ಸದರಿ ಪ್ರಕರಣದಲ್ಲಿ ನ್ಯಾಯಾಲಯದ ಮುಂದೆ ಹಾಜರಾಗಲು ತಿಳಿಸಲಾಗಿದೆ. ತಪ್ಪಿದಲ್ಲಿ ಏಕಪಕ್ಷೀಯವಾಗಿ ತೀರ್ಮಾನಿಸಲಾಗುವುದು. ದಿನಾಂಕ ಮತ್ತು ಸ್ಥಳ ಸಹಿತ ನ್ಯಾಯಾಲಯದ ಆದೇಶದಂತೆ ಪ್ರಕಟಿಸಲಾಗಿದೆ.
ನ್ಯಾಯಾಲಯದ ಆದೇಶದ ಪ್ರಕಾರ ಈ ಮೂಲಕ ತಿಳಿಸುವುದೇನೆಂದರೆ ಅರ್ಜಿದಾರರು ಸದರಿ ಪ್ರಕರಣದಲ್ಲಿ ನ್ಯಾಯಾಲಯದ ಮುಂದೆ ಹಾಜರಾಗಲು ತಿಳಿಸಲಾಗಿದೆ. ತಪ್ಪಿದಲ್ಲಿ ಏಕಪಕ್ಷೀಯವಾಗಿ ತೀರ್ಮಾನಿಸಲಾಗುವುದು. ದಿನಾಂಕ ಮತ್ತು ಸ್ಥಳ ಸಹಿತ ನ್ಯಾಯಾಲಯದ ಆದೇಶದಂತೆ ಪ್ರಕಟಿಸಲಾಗಿದೆ.
ನ್ಯಾಯಾಲಯದ ಆದೇಶದಂತೆ, ಸಹಿ/- ಶಿರಸ್ತೇದಾರರು
ನ್ಯಾಯಾಲಯದ ಆದೇಶದ ಪ್ರಕಾರ ಈ ಮೂಲಕ ತಿಳಿಸುವುದೇನೆಂದರೆ ಅರ್ಜಿದಾರರು ಸದರಿ ಪ್ರಕರಣದಲ್ಲಿ ನ್ಯಾಯಾಲಯದ ಮುಂದೆ ಹಾಜರಾಗಲು ತಿಳಿಸಲಾಗಿದೆ. ತಪ್ಪಿದಲ್ಲಿ ಏಕಪಕ್ಷೀಯವಾಗಿ ತೀರ್ಮಾನಿಸಲಾಗುವುದು. ದಿನಾಂಕ ಮತ್ತು ಸ್ಥಳ ಸಹಿತ ನ್ಯಾಯಾಲಯದ ಆದೇಶದಂತೆ ಪ್ರಕಟಿಸಲಾಗಿದೆ.
ನ್ಯಾಯಾಲಯದ ಆದೇಶದ ಪ್ರಕಾರ ಈ ಮೂಲಕ ತಿಳಿಸುವುದೇನೆಂದರೆ ಅರ್ಜಿದಾರರು ಸದರಿ ಪ್ರಕರಣದಲ್ಲಿ ನ್ಯಾಯಾಲಯದ ಮುಂದೆ ಹಾಜರಾಗಲು ತಿಳಿಸಲಾಗಿದೆ. ತಪ್ಪಿದಲ್ಲಿ ಏಕಪಕ್ಷೀಯವಾಗಿ ತೀರ್ಮಾನಿಸಲಾಗುವುದು. ದಿನಾಂಕ ಮತ್ತು ಸ್ಥಳ ಸಹಿತ ನ್ಯಾಯಾಲಯದ ಆದೇಶದಂತೆ ಪ್ರಕಟಿಸಲಾಗಿದೆ.
ನ್ಯಾಯಾಲಯದ ಆದೇಶದ ಪ್ರಕಾರ ಈ ಮೂಲಕ ತಿಳಿಸುವುದೇನೆಂದರೆ ಅರ್ಜಿದಾರರು ಸದರಿ ಪ್ರಕರಣದಲ್ಲಿ ನ್ಯಾಯಾಲಯದ ಮುಂದೆ ಹಾಜರಾಗಲು ತಿಳಿಸಲಾಗಿದೆ. ತಪ್ಪಿದಲ್ಲಿ ಏಕಪಕ್ಷೀಯವಾಗಿ ತೀರ್ಮಾನಿಸಲಾಗುವುದು. ದಿನಾಂಕ ಮತ್ತು ಸ್ಥಳ ಸಹಿತ ನ್ಯಾಯಾಲಯದ ಆದೇಶದಂತೆ ಪ್ರಕಟಿಸಲಾಗಿದೆ.
ನ್ಯಾಯಾಲಯದ ಆದೇಶದ ಪ್ರಕಾರ ಈ ಮೂಲಕ ತಿಳಿಸುವುದೇನೆಂದರೆ ಅರ್ಜಿದಾರರು ಸದರಿ ಪ್ರಕರಣದಲ್ಲಿ ನ್ಯಾಯಾಲಯದ ಮುಂದೆ ಹಾಜರಾಗಲು ತಿಳಿಸಲಾಗಿದೆ. ತಪ್ಪಿದಲ್ಲಿ ಏಕಪಕ್ಷೀಯವಾಗಿ ತೀರ್ಮಾನಿಸಲಾಗುವುದು. ದಿನಾಂಕ ಮತ್ತು ಸ್ಥಳ ಸಹಿತ ನ್ಯಾಯಾಲಯದ ಆದೇಶದಂತೆ ಪ್ರಕಟಿಸಲಾಗಿದೆ.
ನ್ಯಾಯಾಲಯದ ಆದೇಶದಂತೆ, ಸಹಿ/- ಶಿರಸ್ತೇದಾರರು
IN THE COURT OF PRL. DISTRICT JUDGE AT CHIKKABALLAPUR
P.&.S.C. NO. 80/2025
PETITIONER: Sri. Rafiah Bi, D/o. Khaja Hussain, Age about 65 years, Chintamani Taluk, Chikkaballapur District. RESPONDENTS: Nil. PAPER PUBLICATION: Whereas, the above named petitioner has filed the above petition for grant of Probate Certificate as per registered Will dated 16.12.2024 in respect of petition schedule properties. If anybody is having any objections for grant of Probate in favour of Petitioner you may file your objections before this Court on or before 21.02.2026 at 11.00 a.m. or in default the matter will be decided exparte.
BY ORDER OF THE COURT, Chief Administrative Officer, Prl. District & Sessions Court, Chikkaballapura
ಕರ್ನಾಟಕ ಸರ್ಕಾರ
ತಾಲ್ಲೂಕು ಸಾರ್ವಜನಿಕ ಆಸ್ಪತ್ರೆ, ಚಿಟ್ಟಾಪುರ
ದೂರವಾಣಿ: 08389-230523 email: mochcdp@gmail.com
ಕ್ರ.ಸಂ: ತಾಸಾಆ/ಟೆಂಡರ್/01/2025-26	ದಿನಾಂಕ: 12/01/2026
ನಾನ್ ಕ್ಲಿನಿಕಲ್ ಇ-ಟೆಂಡರ್ ಪ್ರಕಟಣೆ
ನೌಕರ 2026-27 ನೇ ಸಾಲಿಗೆ ಸಾರ್ವಜನಿಕ ಆಸ್ಪತ್ರೆ, ಚಿಟ್ಟಾಪುರ ಸಂಸ್ಥೆಗೆ ನಾನ್ ಕ್ಲಿನಿಕಲ್ ಸೇವೆಗಳ ಹೊರಗುತ್ತಿಗೆ ಟೆಂಡರ್ ಆಹ್ವಾನಿಸಲಾಗಿದೆ. ಬಿಡ್ ಸಲ್ಲಿಸಲು ಕೊನೆಯ ದಿನಾಂಕ: 08/01/2026. ತಾಂತ್ರಿಕ ಬಿಡ್ ತೆರೆಯುವ ದಿನಾಂಕ: 12/02/2026.
ನೌಕರ 2026-27 ನೇ ಸಾಲಿಗೆ ಸಾರ್ವಜನಿಕ ಆಸ್ಪತ್ರೆ, ಚಿಟ್ಟಾಪುರ ಸಂಸ್ಥೆಗೆ ನಾನ್ ಕ್ಲಿನಿಕಲ್ ಸೇವೆಗಳ ಹೊರಗುತ್ತಿಗೆ ಟೆಂಡರ್ ಆಹ್ವಾನಿಸಲಾಗಿದೆ. ಬಿಡ್ ಸಲ್ಲಿಸಲು ಕೊನೆಯ ದಿನಾಂಕ: 08/01/2026. ತಾಂತ್ರಿಕ ಬಿಡ್ ತೆರೆಯುವ ದಿನಾಂಕ: 12/02/2026.
kppp.karnataka.gov.in
ನೌಕರ 2026-27 ನೇ ಸಾಲಿಗೆ ಸಾರ್ವಜನಿಕ ಆಸ್ಪತ್ರೆ, ಚಿಟ್ಟಾಪುರ ಸಂಸ್ಥೆಗೆ ನಾನ್ ಕ್ಲಿನಿಕಲ್ ಸೇವೆಗಳ ಹೊರಗುತ್ತಿಗೆ ಟೆಂಡರ್ ಆಹ್ವಾನಿಸಲಾಗಿದೆ. ಬಿಡ್ ಸಲ್ಲಿಸಲು ಕೊನೆಯ ದಿನಾಂಕ: 08/01/2026. ತಾಂತ್ರಿಕ ಬಿಡ್ ತೆರೆಯುವ ದಿನಾಂಕ: 12/02/2026.
ಸಹಿ/- ಆಡಳಿತ ವೈದ್ಯಾಧಿಕಾರಿಗಳು
❁ ಕೃಷಿ ವಿಶ್ವವಿದ್ಯಾನಿಲಯ, ಬೆಂಗಳೂರು
ಸಂಖ್ಯೆ: ಇ.ಎಸ್/ಕೆ.ಎ.ಕೆ/14/2025-26	ದಿನಾಂಕ: 09-01-2026
ಟೆಂಡರ್ ಪ್ರಕಟಣೆ (ಕೆಪಿಪಿ ಪೋರ್ಟಲ್ ಮೂಲಕ)
ಬೆಂಗಳೂರು ಕೃಷಿ ವಿಶ್ವವಿದ್ಯಾನಿಲಯದ ಜಿಕೆವಿಕೆ, ಬೆಂಗಳೂರು ಆವರಣದಲ್ಲಿ ಟೆಂಡರ್ ಆಹ್ವಾನಿಸಲಾಗಿದೆ. ವಿವರ: ಪ್ರಿ-ಬಿಡ್ ಮೀಟಿಂಗ್ ದಿನಾಂಕ: 19.01.2026 ರಂದು ಬೆಳಿಗ್ಗೆ 11:30 ಕ್ಕೆ ಬಿಡ್ ಸಲ್ಲಿಸಲು ಕೊನೆಯ ದಿನಾಂಕ: 24.01.2026 ಸಂಜೆ 4:00 ಗಂಟೆಯವರೆಗೆ ತಾಂತ್ರಿಕ ಬಿಡ್ ತೆರೆಯುವ ದಿನಾಂಕ: 27.01.2026.
ಬೆಂಗಳೂರು ಕೃಷಿ ವಿಶ್ವವಿದ್ಯಾನಿಲಯದ ಜಿಕೆವಿಕೆ, ಬೆಂಗಳೂರು ಆವರಣದಲ್ಲಿ ಟೆಂಡರ್ ಆಹ್ವಾನಿಸಲಾಗಿದೆ. ವಿವರ: ಪ್ರಿ-ಬಿಡ್ ಮೀಟಿಂಗ್ ದಿನಾಂಕ: 19.01.2026 ರಂದು ಬೆಳಿಗ್ಗೆ 11:30 ಕ್ಕೆ ಬಿಡ್ ಸಲ್ಲಿಸಲು ಕೊನೆಯ ದಿನಾಂಕ: 24.01.2026 ಸಂಜೆ 4:00 ಗಂಟೆಯವರೆಗೆ ತಾಂತ್ರಿಕ ಬಿಡ್ ತೆರೆಯುವ ದಿನಾಂಕ: 27.01.2026.
8068948777, support@eprochelpdesk.com
www.uasbangalore.edu.in	23630128
ಸಹಿ/- ಆಸ್ತಿ ಅಧಿಕಾರಿಗಳು
IN THE COURT OF THE HON'BLE ADDL. CIVIL JUDGE AND J.M.F.C. AT ANEKAL
C.MISC. NO. 1870/2025
BETWEEN: Smt. Saroja K ...Petitioner AND: Sri. Santhosh S ...Respondent. NOTICE TO RESPONDENT. Whereas the Petitioner has filed the above petition against the respondent dissolving the marriage between the petitioner and the Respondent the marriage was solemnized on 18-09-2018.
BETWEEN: Smt. Saroja K ...Petitioner AND: Sri. Santhosh S ...Respondent. NOTICE TO RESPONDENT. Whereas the Petitioner has filed the above petition against the respondent dissolving the marriage between the petitioner and the Respondent the marriage was solemnized on 18-09-2018.
By Order of the Court, Sheristedar, Civil Judge (Jr.Dn) and JMFC, Anekal
ನ್ಯಾಯಾಲಯದ ಆದೇಶದ ಪ್ರಕಾರ ಈ ಮೂಲಕ ತಿಳಿಸುವುದೇನೆಂದರೆ ಅರ್ಜಿದಾರರು ಸದರಿ ಪ್ರಕರಣದಲ್ಲಿ ನ್ಯಾಯಾಲಯದ ಮುಂದೆ ಹಾಜರಾಗಲು ತಿಳಿಸಲಾಗಿದೆ. ತಪ್ಪಿದಲ್ಲಿ ಏಕಪಕ್ಷೀಯವಾಗಿ ತೀರ್ಮಾನಿಸಲಾಗುವುದು. ದಿನಾಂಕ ಮತ್ತು ಸ್ಥಳ ಸಹಿತ ನ್ಯಾಯಾಲಯದ ಆದೇಶದಂತೆ ಪ್ರಕಟಿಸಲಾಗಿದೆ.
ನ್ಯಾಯಾಲಯದ ಆದೇಶದ ಪ್ರಕಾರ ಈ ಮೂಲಕ ತಿಳಿಸುವುದೇನೆಂದರೆ ಅರ್ಜಿದಾರರು ಸದರಿ ಪ್ರಕರಣದಲ್ಲಿ ನ್ಯಾಯಾಲಯದ ಮುಂದೆ ಹಾಜರಾಗಲು ತಿಳಿಸಲಾಗಿದೆ. ತಪ್ಪಿದಲ್ಲಿ ಏಕಪಕ್ಷೀಯವಾಗಿ ತೀರ್ಮಾನಿಸಲಾಗುವುದು. ದಿನಾಂಕ ಮತ್ತು ಸ್ಥಳ ಸಹಿತ ನ್ಯಾಯಾಲಯದ ಆದೇಶದಂತೆ ಪ್ರಕಟಿಸಲಾಗಿದೆ.
ಕರ್ನಾಟಕ ಸರ್ಕಾರ
ಕಾರ್ಯನಿರ್ವಾಹಕ ಇಂಜಿನಿಯರು, ಲೋಕೋಪಯೋಗಿ ಇಲಾಖೆ ವಿಭಾಗ, ಕೊಪ್ಪಳ
ಸಂ:ಕಾನಿಅ/ಲೋಇ/ಕೊವಿ/ಟಿ:KW-1&2:ಟೆಂ:2025-26:3585	ದಿನಾಂಕ: 12-01-2026
ಅಲ್ಪಾವಧಿ ಟೆಂಡರ್ ಪ್ರಕಟಣೆ
2059 ವಿವಿಧ ಇಲಾಖಾ ಕಟ್ಟಡಗಳ (ಯೋಜನೇತರ) ಮತ್ತು 2216 ರೋಟರಿಯಿಂದ ಇರುವ ವಸತಿ ಗೃಹಗಳ ಸಾಮಾನ್ಯ ನಿರ್ವಹಣೆ ಇರುವ ಕಾಮಗಾರಿಗಳನ್ನು ನಿರ್ವಹಿಸಲು ಟೆಂಡರ್ ಆಹ್ವಾನಿಸಲಾಗಿದೆ. ಟೆಂಡರ್ ದಸ್ತಾವೇಜುಗಳನ್ನು https://kppp.karnataka.gov.in ನಲ್ಲಿ ಪಡೆಯಬಹುದು. ಬಿಡ್ ಸಲ್ಲಿಸಲು ಕೊನೆಯ ದಿನಾಂಕ: 21-01-2026 ಸಮಯ 16.30 ಗಂಟೆ.
2059 ವಿವಿಧ ಇಲಾಖಾ ಕಟ್ಟಡಗಳ (ಯೋಜನೇತರ) ಮತ್ತು 2216 ರೋಟರಿಯಿಂದ ಇರುವ ವಸತಿ ಗೃಹಗಳ ಸಾಮಾನ್ಯ ನಿರ್ವಹಣೆ ಇರುವ ಕಾಮಗಾರಿಗಳನ್ನು ನಿರ್ವಹಿಸಲು ಟೆಂಡರ್ ಆಹ್ವಾನಿಸಲಾಗಿದೆ. ಟೆಂಡರ್ ದಸ್ತಾವೇಜುಗಳನ್ನು https://kppp.karnataka.gov.in ನಲ್ಲಿ ಪಡೆಯಬಹುದು. ಬಿಡ್ ಸಲ್ಲಿಸಲು ಕೊನೆಯ ದಿನಾಂಕ: 21-01-2026 ಸಮಯ 16.30 ಗಂಟೆ.
2059 ವಿವಿಧ ಇಲಾಖಾ ಕಟ್ಟಡಗಳ (ಯೋಜನೇತರ) ಮತ್ತು 2216 ರೋಟರಿಯಿಂದ ಇರುವ ವಸತಿ ಗೃಹಗಳ ಸಾಮಾನ್ಯ ನಿರ್ವಹಣೆ ಇರುವ ಕಾಮಗಾರಿಗಳನ್ನು ನಿರ್ವಹಿಸಲು ಟೆಂಡರ್ ಆಹ್ವಾನಿಸಲಾಗಿದೆ. ಟೆಂಡರ್ ದಸ್ತಾವೇಜುಗಳನ್ನು https://kppp.karnataka.gov.in ನಲ್ಲಿ ಪಡೆಯಬಹುದು. ಬಿಡ್ ಸಲ್ಲಿಸಲು ಕೊನೆಯ ದಿನಾಂಕ: 21-01-2026 ಸಮಯ 16.30 ಗಂಟೆ.
ಸಹಿ/- ಕಾರ್ಯನಿರ್ವಾಹಕ ಇಂಜಿನಿಯರು, ಲೋಇ ವಿಭಾಗ, ಕೊಪ್ಪಳ
♛	ಕರ್ನಾಟಕ ಸರ್ಕಾರ
ಪುರಾತತ್ವ ಸಂಗ್ರಹಾಲಯಗಳು ಮತ್ತು ಪರಂಪರೆ ಇಲಾಖೆ, ಮೈಸೂರು
ದೂ: 0821-2424873/4 Email: commr_archy@yahoo.in
ಟೆಂಡರ್ ಪ್ರಕಟಣೆ
ನ್ಯಾಯಾಲಯದ ಆದೇಶದ ಪ್ರಕಾರ ಈ ಮೂಲಕ ತಿಳಿಸುವುದೇನೆಂದರೆ ಅರ್ಜಿದಾರರು ಸದರಿ ಪ್ರಕರಣದಲ್ಲಿ ನ್ಯಾಯಾಲಯದ ಮುಂದೆ ಹಾಜರಾಗಲು ತಿಳಿಸಲಾಗಿದೆ. ತಪ್ಪಿದಲ್ಲಿ ಏಕಪಕ್ಷೀಯವಾಗಿ ತೀರ್ಮಾನಿಸಲಾಗುವುದು. ದಿನಾಂಕ ಮತ್ತು ಸ್ಥಳ ಸಹಿತ ನ್ಯಾಯಾಲಯದ ಆದೇಶದಂತೆ ಪ್ರಕಟಿಸಲಾಗಿದೆ.
ನ್ಯಾಯಾಲಯದ ಆದೇಶದ ಪ್ರಕಾರ ಈ ಮೂಲಕ ತಿಳಿಸುವುದೇನೆಂದರೆ ಅರ್ಜಿದಾರರು ಸದರಿ ಪ್ರಕರಣದಲ್ಲಿ ನ್ಯಾಯಾಲಯದ ಮುಂದೆ ಹಾಜರಾಗಲು ತಿಳಿಸಲಾಗಿದೆ. ತಪ್ಪಿದಲ್ಲಿ ಏಕಪಕ್ಷೀಯವಾಗಿ ತೀರ್ಮಾನಿಸಲಾಗುವುದು. ದಿನಾಂಕ ಮತ್ತು ಸ್ಥಳ ಸಹಿತ ನ್ಯಾಯಾಲಯದ ಆದೇಶದಂತೆ ಪ್ರಕಟಿಸಲಾಗಿದೆ.
1	ಕಾಮಗಾರಿ ದಸ್ತಾವೇಜು ಡೌನ್‌ಲೋಡ್ ಪ್ರಾರಂಭ	28.01.2026, 11.00 ಗಂಟೆ
2	ಪ್ರಿ-ಬಿಡ್ ಸಭೆ	29.01.2026, 11.00 ಗಂಟೆ
3	ಬಿಡ್ ಸಲ್ಲಿಕೆ ಕೊನೆಯ ದಿನಾಂಕ	05.02.2026, 16.30 ಗಂಟೆ
4	ತಾಂತ್ರಿಕ ಬಿಡ್ ತೆರೆಯುವುದು	09.02.2026, 16.00 ಗಂಟೆ
5	ಆರ್ಥಿಕ ಬಿಡ್ ತೆರೆಯುವುದು	16.01.2026, 16.00 ಗಂಟೆ
6	ಬಿಡ್ ಸಿಂಧುತ್ವ	20.01.2026, 16.00 ಗಂಟೆ
7	ಕಾರ್ಯಾದೇಶ	23.01.2026, 16.30 ಗಂಟೆ
ಸಹಿ/- ಆಯುಕ್ತರು
ಕರ್ನಾಟಕ ಸರ್ಕಾರ
ಆರೋಗ್ಯ ಮತ್ತು ಕುಟುಂಬ ಕಲ್ಯಾಣ ಇಲಾಖೆ, ಮುಖ್ಯ ವೈದ್ಯಾಧಿಕಾರಿಗಳ ಕಾರ್ಯಾಲಯ, ತಾಲ್ಲೂಕ ಸಾರ್ವಜನಿಕ ಆಸ್ಪತ್ರೆ, ಸಿಂದಗಿ
ಫೋನ್:08488-222826 ಇ-ಮೇಲ್:cmosindagi@gmail.com
ಸಂ:ತಾ.ಸಾ.ಆ.ಸಿಂದಗಿ/ಮವ್ಯ/362/2025-26	ದಿನಾಂಕ:12.01.2026
ಇ-ಪ್ರಕ್ಯೂರ್‌ಮೆಂಟ್ ಅಲ್ಪಾವಧಿ ಟೆಂಡರ್ ಪ್ರಕಟಣೆ
ನ್ಯಾಯಾಲಯದ ಆದೇಶದ ಪ್ರಕಾರ ಈ ಮೂಲಕ ತಿಳಿಸುವುದೇನೆಂದರೆ ಅರ್ಜಿದಾರರು ಸದರಿ ಪ್ರಕರಣದಲ್ಲಿ ನ್ಯಾಯಾಲಯದ ಮುಂದೆ ಹಾಜರಾಗಲು ತಿಳಿಸಲಾಗಿದೆ. ತಪ್ಪಿದಲ್ಲಿ ಏಕಪಕ್ಷೀಯವಾಗಿ ತೀರ್ಮಾನಿಸಲಾಗುವುದು. ದಿನಾಂಕ ಮತ್ತು ಸ್ಥಳ ಸಹಿತ ನ್ಯಾಯಾಲಯದ ಆದೇಶದಂತೆ ಪ್ರಕಟಿಸಲಾಗಿದೆ.
ನ್ಯಾಯಾಲಯದ ಆದೇಶದ ಪ್ರಕಾರ ಈ ಮೂಲಕ ತಿಳಿಸುವುದೇನೆಂದರೆ ಅರ್ಜಿದಾರರು ಸದರಿ ಪ್ರಕರಣದಲ್ಲಿ ನ್ಯಾಯಾಲಯದ ಮುಂದೆ ಹಾಜರಾಗಲು ತಿಳಿಸಲಾಗಿದೆ. ತಪ್ಪಿದಲ್ಲಿ ಏಕಪಕ್ಷೀಯವಾಗಿ ತೀರ್ಮಾನಿಸಲಾಗುವುದು. ದಿನಾಂಕ ಮತ್ತು ಸ್ಥಳ ಸಹಿತ ನ್ಯಾಯಾಲಯದ ಆದೇಶದಂತೆ ಪ್ರಕಟಿಸಲಾಗಿದೆ.
cmosindagi.gamil.com Mobile No: 7348944798
1	ಕಾಮಗಾರಿಯ ಹೆಸರು	ಹೊರಗುತ್ತಿಗೆ ಸೇವೆಗಳು 2026-27
2	ಅಂದಾಜು ಮೊತ್ತ	23,00,000/-
3	ಇ ಎಂ ಡಿ ಮೊತ್ತ (2.5%)	57,500/-
4	ಟೆಂಡರ್ ಪ್ರಕಟಣೆ ದಿನಾಂಕ	12.01.2026 ಸಂಜೆ 05:00
5	ಬಿಡ್ ಸಲ್ಲಿಸಲು ಕೊನೆಯ ದಿನಾಂಕ	23.01.2026 ಸಂಜೆ 05:00
6	ತಾಂತ್ರಿಕ ಬಿಡ್ ತೆರೆಯುವ ದಿನಾಂಕ	27.01.2026 ಮುಂಜಾನೆ 11-00
7	ಆರ್ಥಿಕ ಬಿಡ್ ತೆರೆಯುವ ದಿನಾಂಕ	30.01.2026 ಮುಂಜಾನೆ 11-00
ನ್ಯಾಯಾಲಯದ ಆದೇಶದ ಪ್ರಕಾರ ಈ ಮೂಲಕ ತಿಳಿಸುವುದೇನೆಂದರೆ ಅರ್ಜಿದಾರರು ಸದರಿ ಪ್ರಕರಣದಲ್ಲಿ ನ್ಯಾಯಾಲಯದ ಮುಂದೆ ಹಾಜರಾಗಲು ತಿಳಿಸಲಾಗಿದೆ. ತಪ್ಪಿದಲ್ಲಿ ಏಕಪಕ್ಷೀಯವಾಗಿ ತೀರ್ಮಾನಿಸಲಾಗುವುದು. ದಿನಾಂಕ ಮತ್ತು ಸ್ಥಳ ಸಹಿತ ನ್ಯಾಯಾಲಯದ ಆದೇಶದಂತೆ ಪ್ರಕಟಿಸಲಾಗಿದೆ.
ಸಹಿ/- ಆಡಳಿತ ವೈದ್ಯಾಧಿಕಾರಿಗಳು, ತಾಲ್ಲೂಕ ಸಾರ್ವಜನಿಕ ಆಸ್ಪತ್ರೆ, ಸಿಂದಗಿ
✿	ವಾಯುವ್ಯ ಕರ್ನಾಟಕ ರಸ್ತೆ ಸಾರಿಗೆ ಸಂಸ್ಥೆ
ಕೇಂದ್ರ ಕಛೇರಿ, ಹುಬ್ಬಳ್ಳಿ - 580030.
ಸಂಖ್ಯೆ: 11/2025-26	ದಿನಾಂಕ: 12-01-2026
ಅಲ್ಪಾವಧಿ ಟೆಂಡರ್ ಪ್ರಕಟಣೆ (ಕರ್ನಾಟಕ ಸಾರ್ವಜನಿಕ ಸಂಗ್ರಹಣೆ ವೇದಿಕೆಯ ಮೂಲಕ)
ಕ್ರ ಸಂ	ಟೆಂಡರ್ ಸಂಖ್ಯೆ	ಟೆಂಡರ್ ವಿವರ	ಅಂದಾಜು ಮೊತ್ತ (ರೂ. ಲಕ್ಷಗಳಲ್ಲಿ)
1	NWKRTC/2025-26/IND0167	ಬಸ್ ಘಟಕ ನಿರ್ಮಾಣ ಕಾಮಗಾರಿ	1872.00
2	NWKRTC/2025-26/IND0166	ಬಸ್ ನಿಲ್ದಾಣ ನಿರ್ಮಾಣ	908.00
3	NWKRTC/2025-26/IND0170	ಘಟಕ ನವೀಕರಣ ಕಾಮಗಾರಿ	440.00
4	NWKRTC/2025-26/IND0171	ಕಾಂಕ್ರೀಟ್ ರಸ್ತೆ ಕಾಮಗಾರಿ	765.00
5	NWKRTC/2025-26/IND0169	ಶೌಚಾಲಯ ನಿರ್ಮಾಣ	170.00
6	NWKRTC/2025-26/IND0164	ಪ್ಲಾಟ್‌ಫಾರ್ಮ್ ನಿರ್ಮಾಣ	173.00
7	NWKRTC/2025-26/IND0165	ಕಾಂಪೌಂಡ್ ಗೋಡೆ ನಿರ್ಮಾಣ	160.00
8	NWKRTC/2025-26/IND0172	ದುರಸ್ತಿ ಕಾಮಗಾರಿ	196.00
9	NWKRTC/2025-26/IND0161 Call-2	ವಿದ್ಯುತ್ ಕಾಮಗಾರಿ	100.00
10	NWKRTC/2025-26/IND0168	ಕಚೇರಿ ಕಟ್ಟಡ ನವೀಕರಣ	63.00
11	NWKRTC/2025-26/IND0162	ನೀರು ಸರಬರಾಜು ಕಾಮಗಾರಿ	47.00
12	NWKRTC/2025-26/IND0173	2026-27 ನೇ ಸಾಲಿನ ನಿರ್ವಹಣಾ ಕಾಮಗಾರಿ	20.00
ಟೆಂಡರ್ ದಸ್ತಾವೇಜುಗಳನ್ನು ಇ-ಪೋರ್ಟಲ್ https://kppp.karnataka.gov.in ನಲ್ಲಿ ಪಡೆಯಬಹುದು.
7022009113 / 7760988557	ಸಹಿ/- ಮುಖ್ಯ ಕಾಮಗಾರಿ ಅಭಿಯಂತರರು
